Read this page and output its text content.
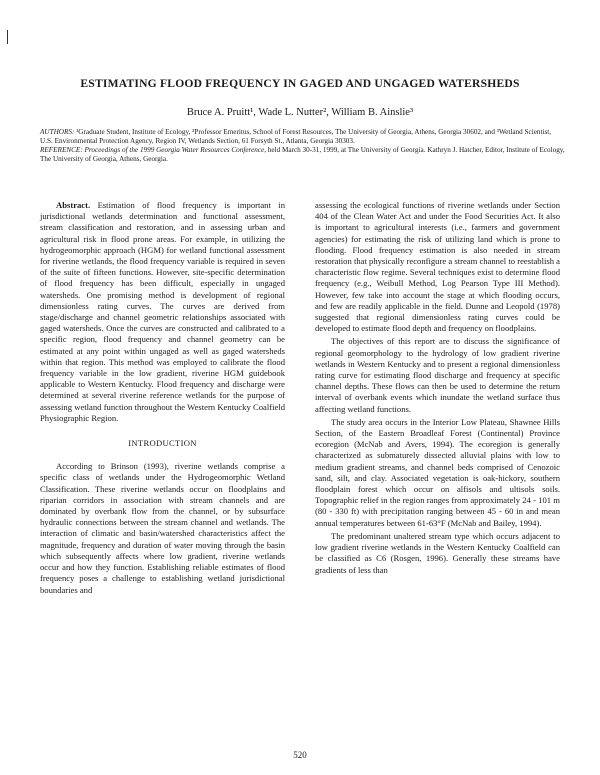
ESTIMATING FLOOD FREQUENCY IN GAGED AND UNGAGED WATERSHEDS
Bruce A. Pruitt¹, Wade L. Nutter², William B. Ainslie³

AUTHORS: ¹Graduate Student, Institute of Ecology, ²Professor Emeritus, School of Forest Resources, The University of Georgia, Athens, Georgia 30602, and ³Wetland Scientist, U.S. Environmental Protection Agency, Region IV, Wetlands Section, 61 Forsyth St., Atlanta, Georgia 30303.

REFERENCE: Proceedings of the 1999 Georgia Water Resources Conference, held March 30-31, 1999, at The University of Georgia. Kathryn J. Hatcher, Editor, Institute of Ecology, The University of Georgia, Athens, Georgia.

Abstract. Estimation of flood frequency is important in jurisdictional wetlands determination and functional assessment, stream classification and restoration, and in assessing urban and agricultural risk in flood prone areas. For example, in utilizing the hydrogeomorphic approach (HGM) for wetland functional assessment for riverine wetlands, the flood frequency variable is required in seven of the suite of fifteen functions. However, site-specific determination of flood frequency has been difficult, especially in ungaged watersheds. One promising method is development of regional dimensionless rating curves. The curves are derived from stage/discharge and channel geometric relationships associated with gaged watersheds. Once the curves are constructed and calibrated to a specific region, flood frequency and channel geometry can be estimated at any point within ungaged as well as gaged watersheds within that region. This method was employed to calibrate the flood frequency variable in the low gradient, riverine HGM guidebook applicable to Western Kentucky. Flood frequency and discharge were determined at several riverine reference wetlands for the purpose of assessing wetland function throughout the Western Kentucky Coalfield Physiographic Region.

INTRODUCTION

According to Brinson (1993), riverine wetlands comprise a specific class of wetlands under the Hydrogeomorphic Wetland Classification. These riverine wetlands occur on floodplains and riparian corridors in association with stream channels and are dominated by overbank flow from the channel, or by subsurface hydraulic connections between the stream channel and wetlands. The interaction of climatic and basin/watershed characteristics affect the magnitude, frequency and duration of water moving through the basin which subsequently affects where low gradient, riverine wetlands occur and how they function. Establishing reliable estimates of flood frequency poses a challenge to establishing wetland jurisdictional boundaries and

assessing the ecological functions of riverine wetlands under Section 404 of the Clean Water Act and under the Food Securities Act. It also is important to agricultural interests (i.e., farmers and government agencies) for estimating the risk of utilizing land which is prone to flooding. Flood frequency estimation is also needed in stream restoration that physically reconfigure a stream channel to reestablish a characteristic flow regime. Several techniques exist to determine flood frequency (e.g., Weibull Method, Log Pearson Type III Method). However, few take into account the stage at which flooding occurs, and few are readily applicable in the field. Dunne and Leopold (1978) suggested that regional dimensionless rating curves could be developed to estimate flood depth and frequency on floodplains.

The objectives of this report are to discuss the significance of regional geomorphology to the hydrology of low gradient riverine wetlands in Western Kentucky and to present a regional dimensionless rating curve for estimating flood discharge and frequency at specific channel depths. These flows can then be used to determine the return interval of overbank events which inundate the wetland surface thus affecting wetland functions.

The study area occurs in the Interior Low Plateau, Shawnee Hills Section, of the Eastern Broadleaf Forest (Continental) Province ecoregion (McNab and Avers, 1994). The ecoregion is generally characterized as submaturely dissected alluvial plains with low to medium gradient streams, and channel beds comprised of Cenozoic sand, silt, and clay. Associated vegetation is oak-hickory, southern floodplain forest which occur on alfisols and ultisols soils. Topographic relief in the region ranges from approximately 24 - 101 m (80 - 330 ft) with precipitation ranging between 45 - 60 in and mean annual temperatures between 61-63°F (McNab and Bailey, 1994).

The predominant unaltered stream type which occurs adjacent to low gradient riverine wetlands in the Western Kentucky Coalfield can be classified as C6 (Rosgen, 1996). Generally these streams have gradients of less than

520
